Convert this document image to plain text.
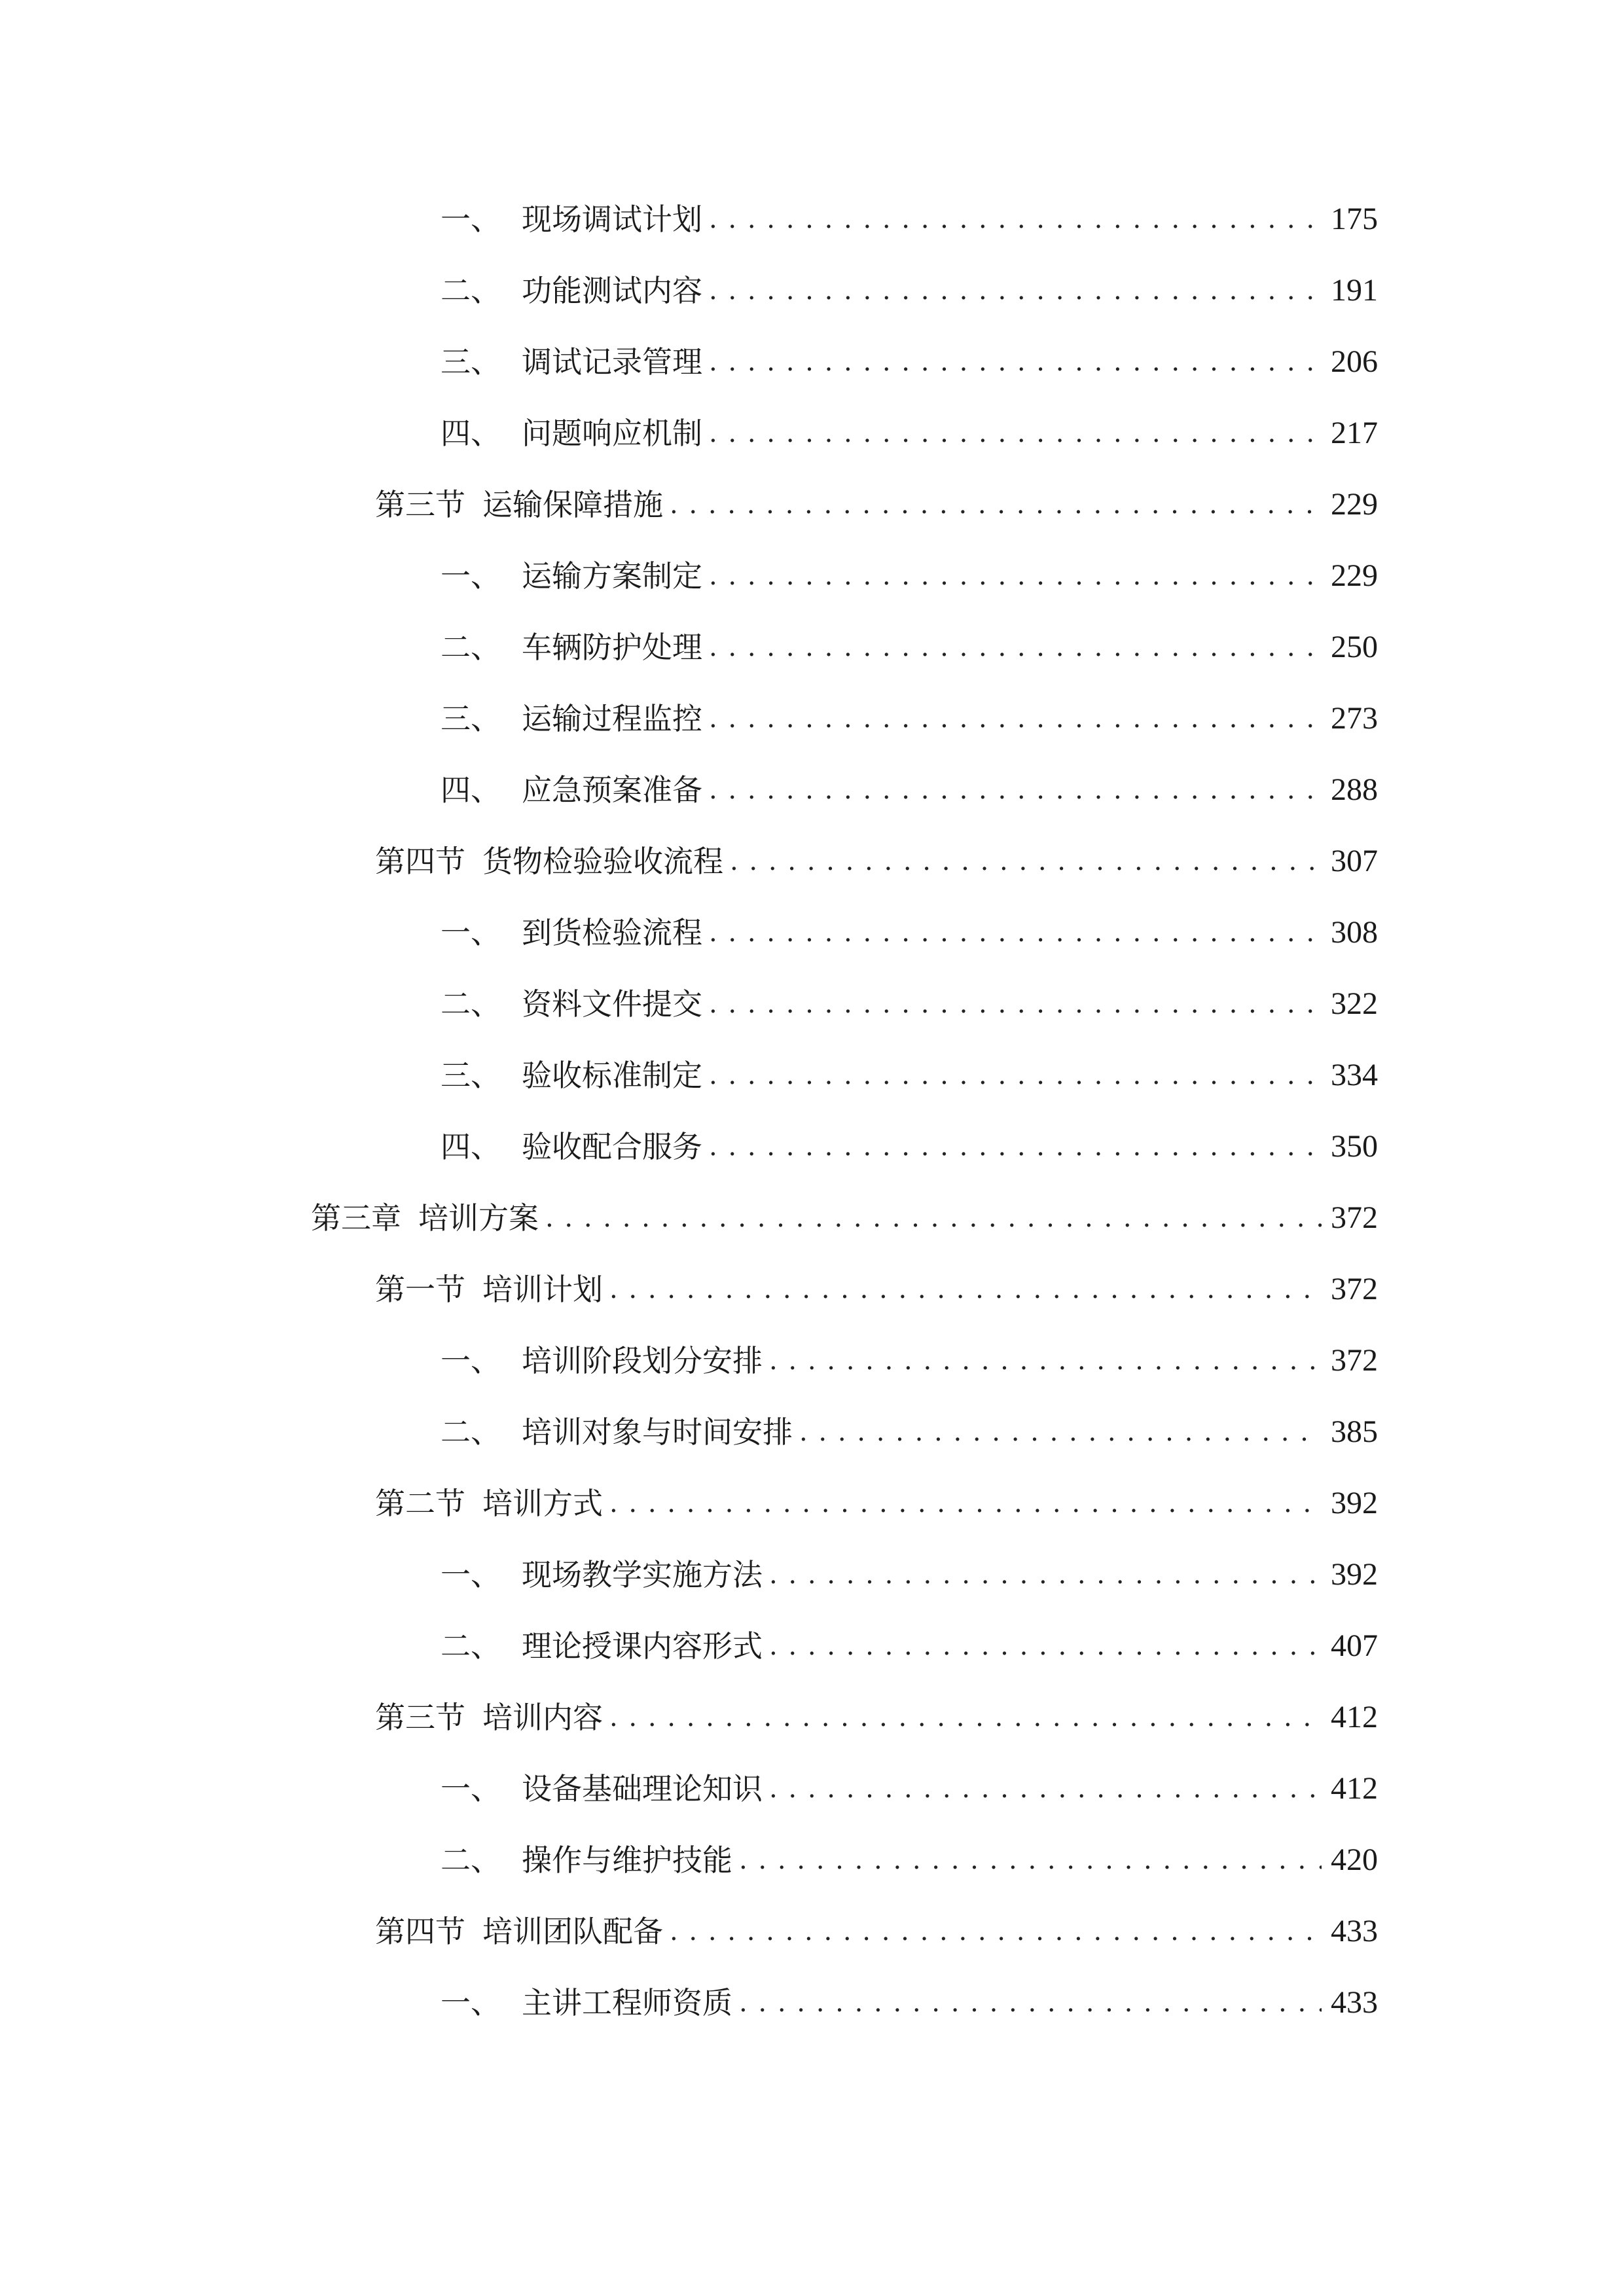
一、 现场调试计划 . . .	175
二、 功能测试内容 . . .	191
三、 调试记录管理 . . .	206
四、 问题响应机制 . . .	217
第三节 运输保障措施 . . .	229
一、 运输方案制定 . . .	229
二、 车辆防护处理 . . .	250
三、 运输过程监控 . . .	273
四、 应急预案准备 . . .	288
第四节 货物检验验收流程 . . .	307
一、 到货检验流程 . . .	308
二、 资料文件提交 . . .	322
三、 验收标准制定 . . .	334
四、 验收配合服务 . . .	350
第三章 培训方案 . . .	372
第一节 培训计划 . . .	372
一、 培训阶段划分安排 . . .	372
二、 培训对象与时间安排 . . .	385
第二节 培训方式 . . .	392
一、 现场教学实施方法 . . .	392
二、 理论授课内容形式 . . .	407
第三节 培训内容 . . .	412
一、 设备基础理论知识 . . .	412
二、 操作与维护技能 . . .	420
第四节 培训团队配备 . . .	433
一、 主讲工程师资质 . . .	433
